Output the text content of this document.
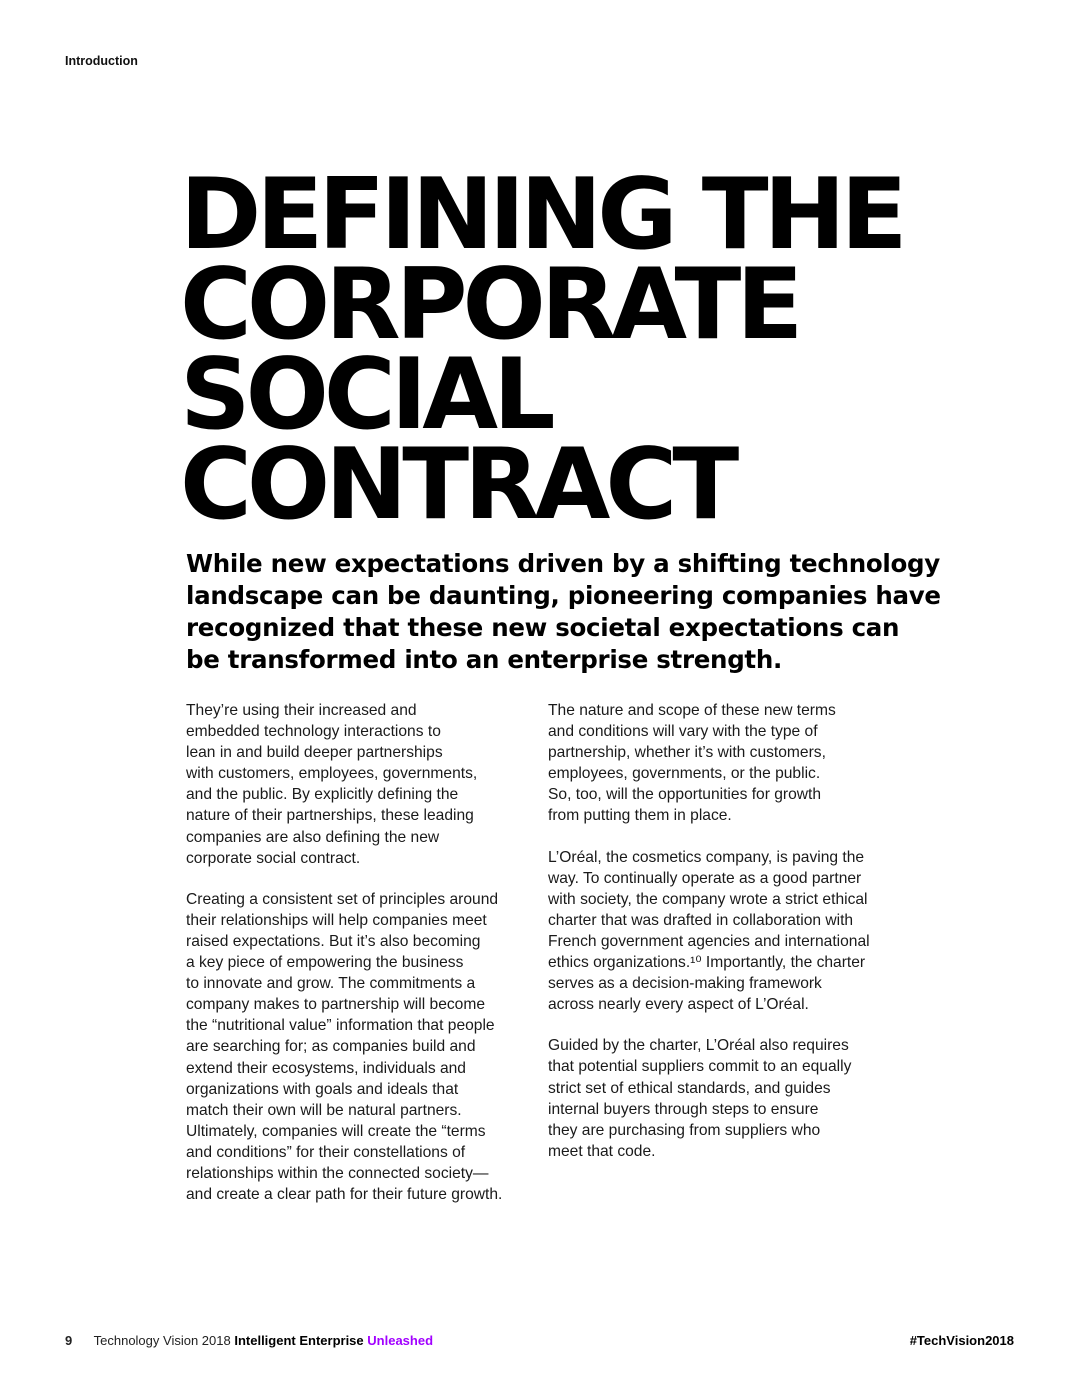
Introduction
DEFINING THE
CORPORATE
SOCIAL
CONTRACT

While new expectations driven by a shifting technology
landscape can be daunting, pioneering companies have
recognized that these new societal expectations can
be transformed into an enterprise strength.

They’re using their increased and
embedded technology interactions to
lean in and build deeper partnerships
with customers, employees, governments,
and the public. By explicitly defining the
nature of their partnerships, these leading
companies are also defining the new
corporate social contract.

Creating a consistent set of principles around
their relationships will help companies meet
raised expectations. But it’s also becoming
a key piece of empowering the business
to innovate and grow. The commitments a
company makes to partnership will become
the “nutritional value” information that people
are searching for; as companies build and
extend their ecosystems, individuals and
organizations with goals and ideals that
match their own will be natural partners.
Ultimately, companies will create the “terms
and conditions” for their constellations of
relationships within the connected society—
and create a clear path for their future growth.

The nature and scope of these new terms
and conditions will vary with the type of
partnership, whether it’s with customers,
employees, governments, or the public.
So, too, will the opportunities for growth
from putting them in place.

L’Oréal, the cosmetics company, is paving the
way. To continually operate as a good partner
with society, the company wrote a strict ethical
charter that was drafted in collaboration with
French government agencies and international
ethics organizations.¹⁰ Importantly, the charter
serves as a decision-making framework
across nearly every aspect of L’Oréal.

Guided by the charter, L’Oréal also requires
that potential suppliers commit to an equally
strict set of ethical standards, and guides
internal buyers through steps to ensure
they are purchasing from suppliers who
meet that code.

9 Technology Vision 2018 Intelligent Enterprise Unleashed	#TechVision2018
